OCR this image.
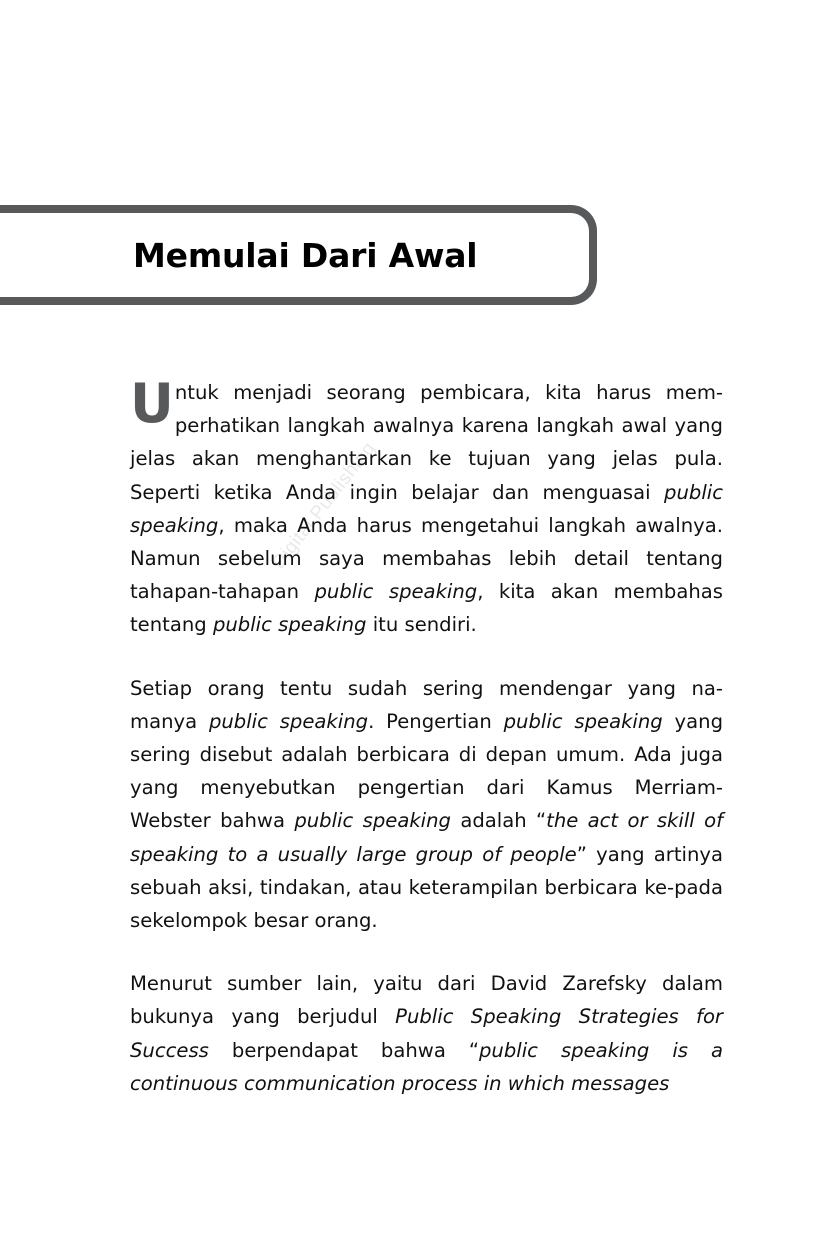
Digital Publishing
Memulai Dari Awal

Untuk menjadi seorang pembicara, kita harus mem-perhatikan langkah awalnya karena langkah awal yang jelas akan menghantarkan ke tujuan yang jelas pula. Seperti ketika Anda ingin belajar dan menguasai public speaking, maka Anda harus mengetahui langkah awalnya. Namun sebelum saya membahas lebih detail tentang tahapan-tahapan public speaking, kita akan membahas tentang public speaking itu sendiri.

Setiap orang tentu sudah sering mendengar yang na-manya public speaking. Pengertian public speaking yang sering disebut adalah berbicara di depan umum. Ada juga yang menyebutkan pengertian dari Kamus Merriam-Webster bahwa public speaking adalah “the act or skill of speaking to a usually large group of people” yang artinya sebuah aksi, tindakan, atau keterampilan berbicara ke-pada sekelompok besar orang.

Menurut sumber lain, yaitu dari David Zarefsky dalam bukunya yang berjudul Public Speaking Strategies for Success berpendapat bahwa “public speaking is a continuous communication process in which messages
